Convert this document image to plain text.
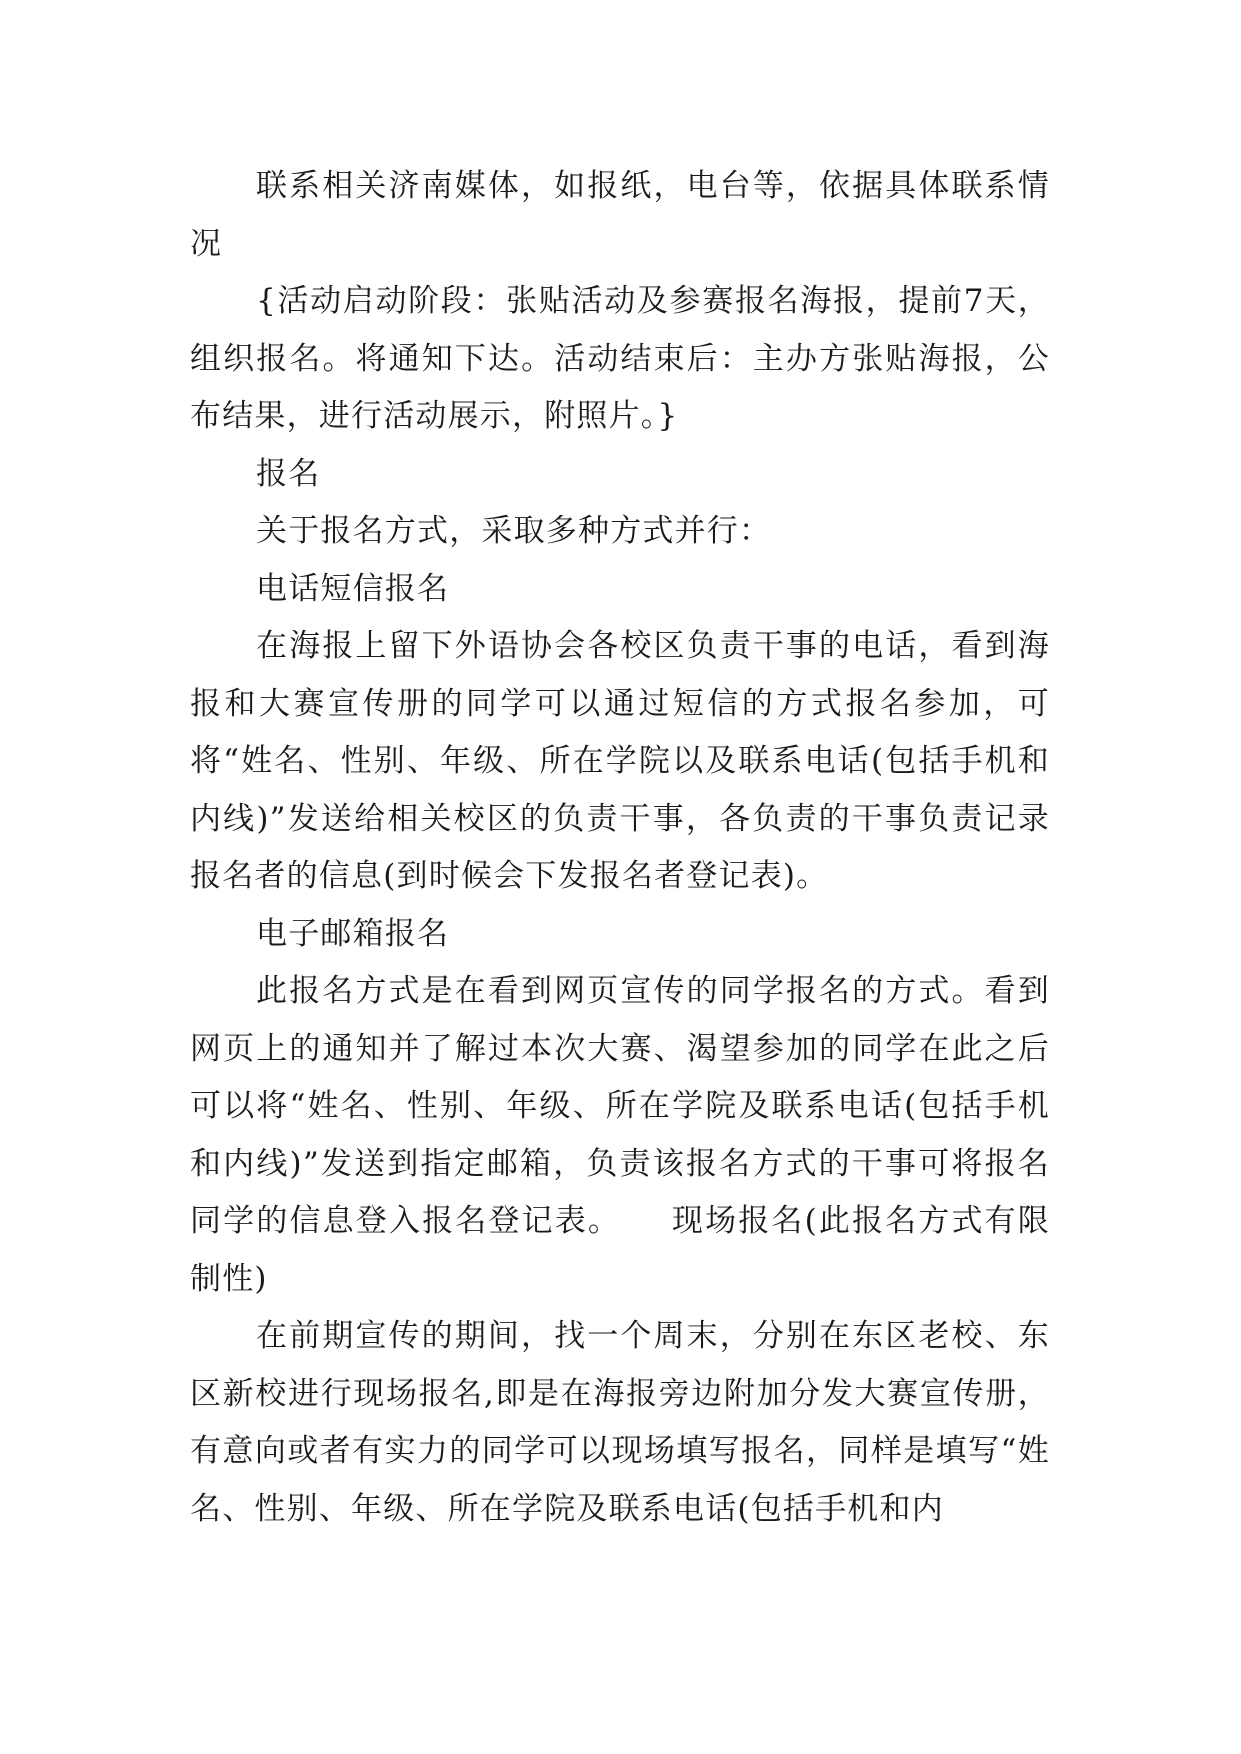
联系相关济南媒体，如报纸，电台等，依据具体联系情况

{活动启动阶段：张贴活动及参赛报名海报，提前7天，组织报名。将通知下达。活动结束后：主办方张贴海报，公布结果，进行活动展示，附照片。}

报名

关于报名方式，采取多种方式并行：

电话短信报名

在海报上留下外语协会各校区负责干事的电话，看到海报和大赛宣传册的同学可以通过短信的方式报名参加，可将“姓名、性别、年级、所在学院以及联系电话(包括手机和内线)”发送给相关校区的负责干事，各负责的干事负责记录报名者的信息(到时候会下发报名者登记表)。

电子邮箱报名

此报名方式是在看到网页宣传的同学报名的方式。看到网页上的通知并了解过本次大赛、渴望参加的同学在此之后可以将“姓名、性别、年级、所在学院及联系电话(包括手机和内线)”发送到指定邮箱，负责该报名方式的干事可将报名同学的信息登入报名登记表。　　现场报名(此报名方式有限制性)

在前期宣传的期间，找一个周末，分别在东区老校、东区新校进行现场报名,即是在海报旁边附加分发大赛宣传册，有意向或者有实力的同学可以现场填写报名，同样是填写“姓名、性别、年级、所在学院及联系电话(包括手机和内
